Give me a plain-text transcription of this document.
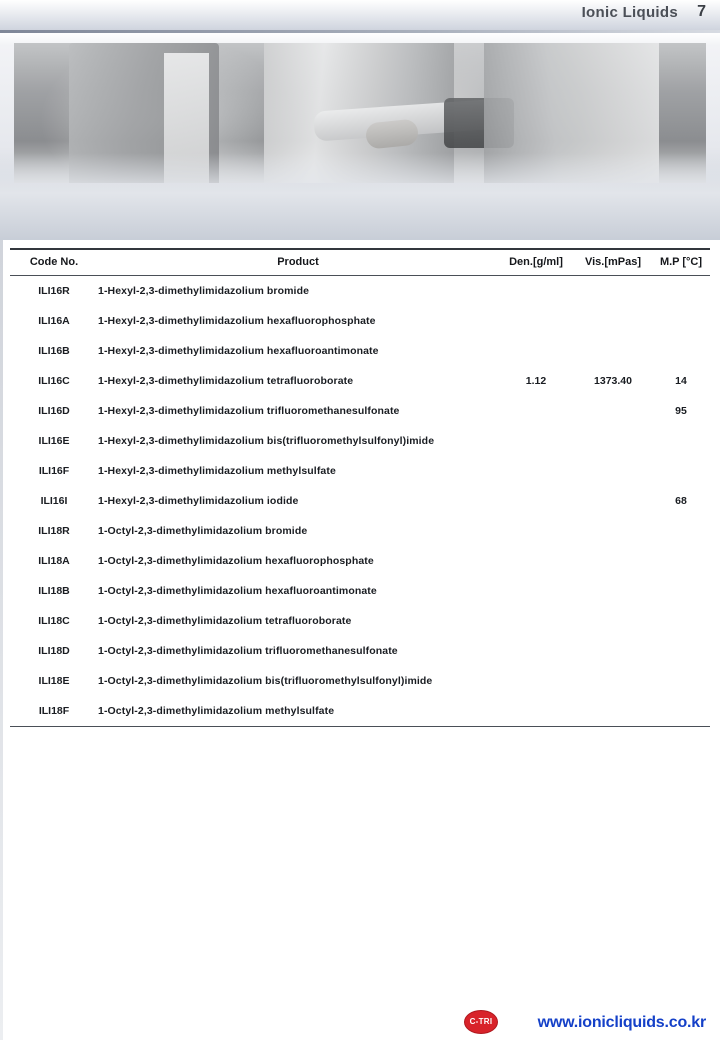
Ionic Liquids 7
Code No.	Product	Den.[g/ml]	Vis.[mPas]	M.P [°C]
ILI16R	1-Hexyl-2,3-dimethylimidazolium bromide			
ILI16A	1-Hexyl-2,3-dimethylimidazolium hexafluorophosphate			
ILI16B	1-Hexyl-2,3-dimethylimidazolium hexafluoroantimonate			
ILI16C	1-Hexyl-2,3-dimethylimidazolium tetrafluoroborate	1.12	1373.40	14
ILI16D	1-Hexyl-2,3-dimethylimidazolium trifluoromethanesulfonate			95
ILI16E	1-Hexyl-2,3-dimethylimidazolium bis(trifluoromethylsulfonyl)imide			
ILI16F	1-Hexyl-2,3-dimethylimidazolium methylsulfate			
ILI16I	1-Hexyl-2,3-dimethylimidazolium iodide			68
ILI18R	1-Octyl-2,3-dimethylimidazolium bromide			
ILI18A	1-Octyl-2,3-dimethylimidazolium hexafluorophosphate			
ILI18B	1-Octyl-2,3-dimethylimidazolium hexafluoroantimonate			
ILI18C	1-Octyl-2,3-dimethylimidazolium tetrafluoroborate			
ILI18D	1-Octyl-2,3-dimethylimidazolium trifluoromethanesulfonate			
ILI18E	1-Octyl-2,3-dimethylimidazolium bis(trifluoromethylsulfonyl)imide			
ILI18F	1-Octyl-2,3-dimethylimidazolium methylsulfate			
C-TRI	www.ionicliquids.co.kr
